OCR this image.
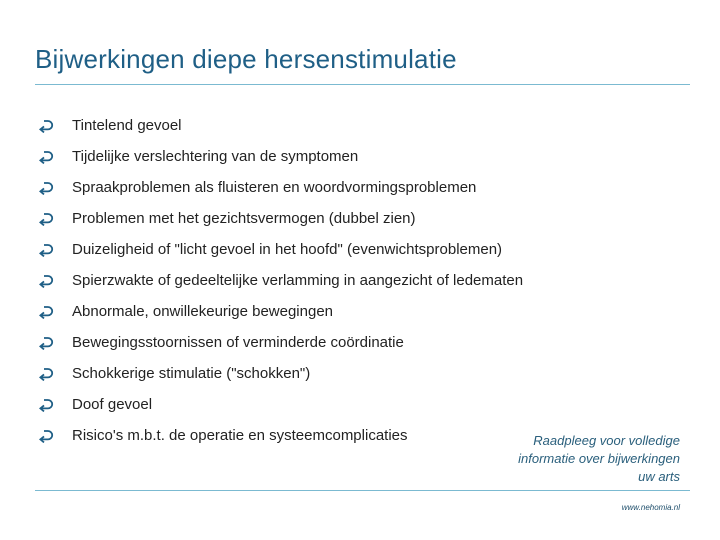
Bijwerkingen diepe hersenstimulatie
Tintelend gevoel
Tijdelijke verslechtering van de symptomen
Spraakproblemen als fluisteren en woordvormingsproblemen
Problemen met het gezichtsvermogen (dubbel zien)
Duizeligheid of "licht gevoel in het hoofd" (evenwichtsproblemen)
Spierzwakte of gedeeltelijke verlamming in aangezicht of ledematen
Abnormale, onwillekeurige bewegingen
Bewegingsstoornissen of verminderde coördinatie
Schokkerige stimulatie ("schokken")
Doof gevoel
Risico's m.b.t. de operatie en systeemcomplicaties	Raadpleeg voor volledige
informatie over bijwerkingen
uw arts
www.nehomia.nl
